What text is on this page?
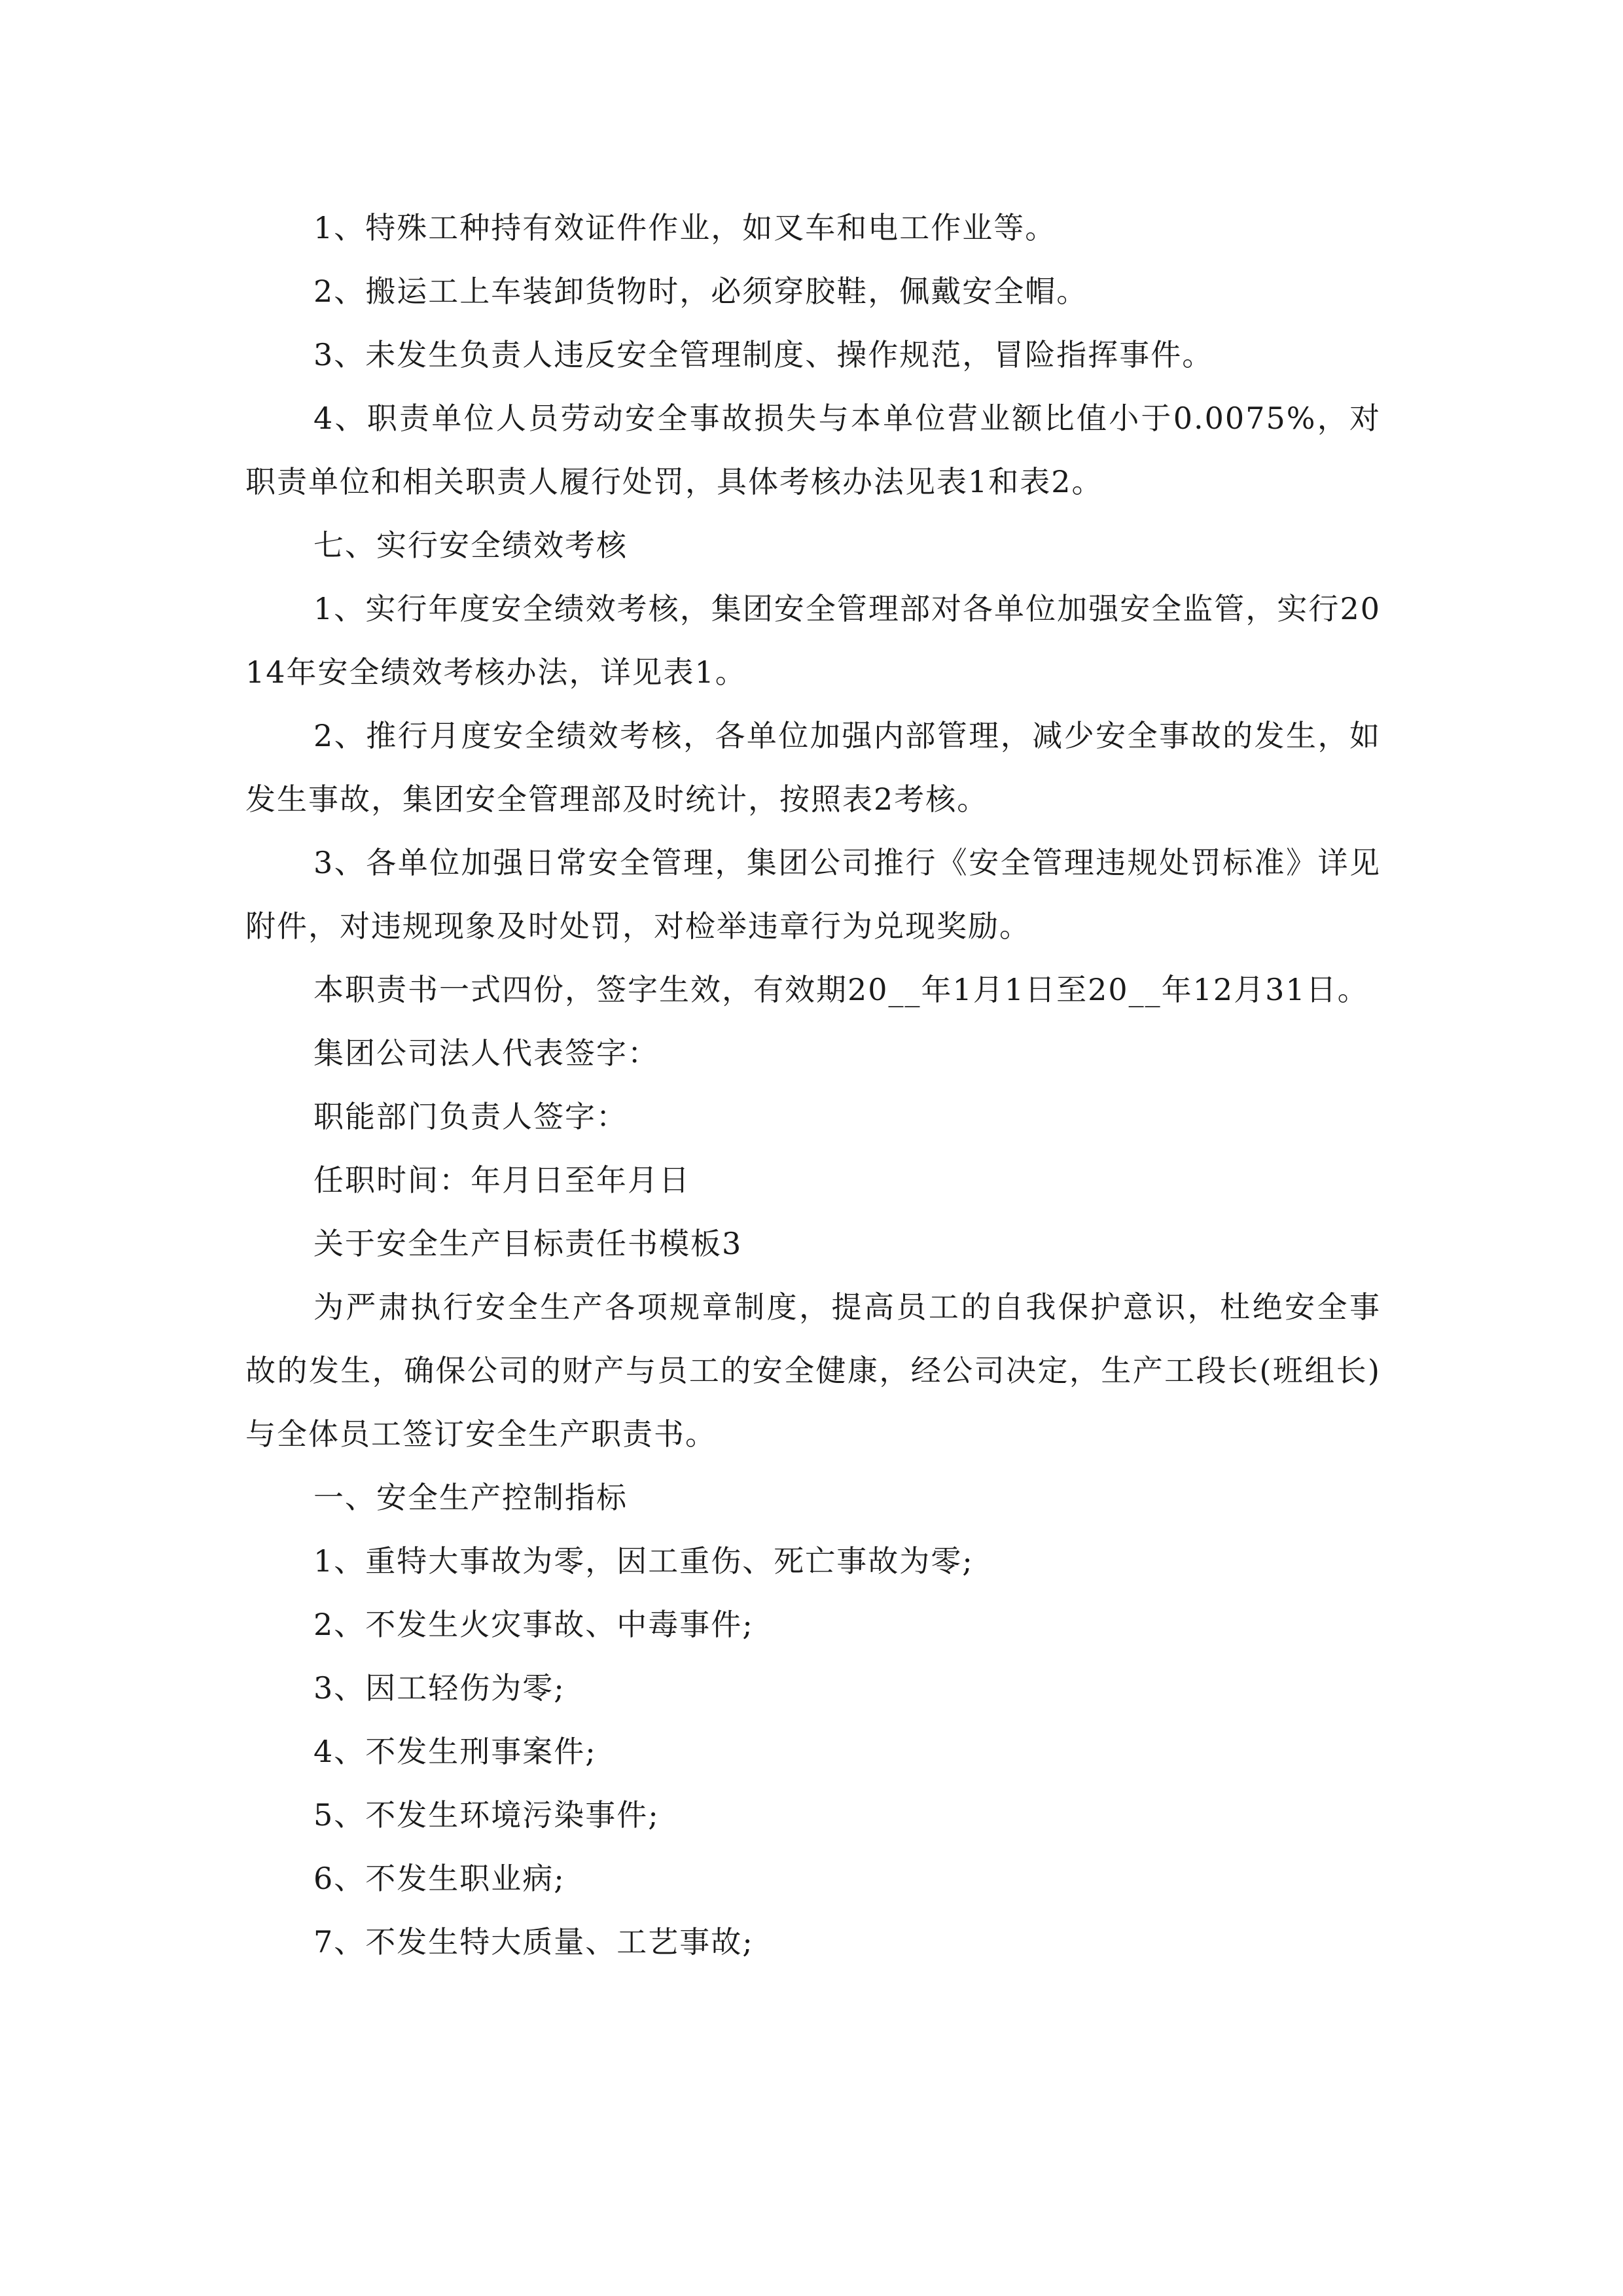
1、特殊工种持有效证件作业，如叉车和电工作业等。

2、搬运工上车装卸货物时，必须穿胶鞋，佩戴安全帽。

3、未发生负责人违反安全管理制度、操作规范，冒险指挥事件。

4、职责单位人员劳动安全事故损失与本单位营业额比值小于0.0075%，对职责单位和相关职责人履行处罚，具体考核办法见表1和表2。

七、实行安全绩效考核

1、实行年度安全绩效考核，集团安全管理部对各单位加强安全监管，实行2014年安全绩效考核办法，详见表1。

2、推行月度安全绩效考核，各单位加强内部管理，减少安全事故的发生，如发生事故，集团安全管理部及时统计，按照表2考核。

3、各单位加强日常安全管理，集团公司推行《安全管理违规处罚标准》详见附件，对违规现象及时处罚，对检举违章行为兑现奖励。

本职责书一式四份，签字生效，有效期20__年1月1日至20__年12月31日。

集团公司法人代表签字：

职能部门负责人签字：

任职时间：年月日至年月日

关于安全生产目标责任书模板3

为严肃执行安全生产各项规章制度，提高员工的自我保护意识，杜绝安全事故的发生，确保公司的财产与员工的安全健康，经公司决定，生产工段长(班组长)与全体员工签订安全生产职责书。

一、安全生产控制指标

1、重特大事故为零，因工重伤、死亡事故为零;

2、不发生火灾事故、中毒事件;

3、因工轻伤为零;

4、不发生刑事案件;

5、不发生环境污染事件;

6、不发生职业病;

7、不发生特大质量、工艺事故;
